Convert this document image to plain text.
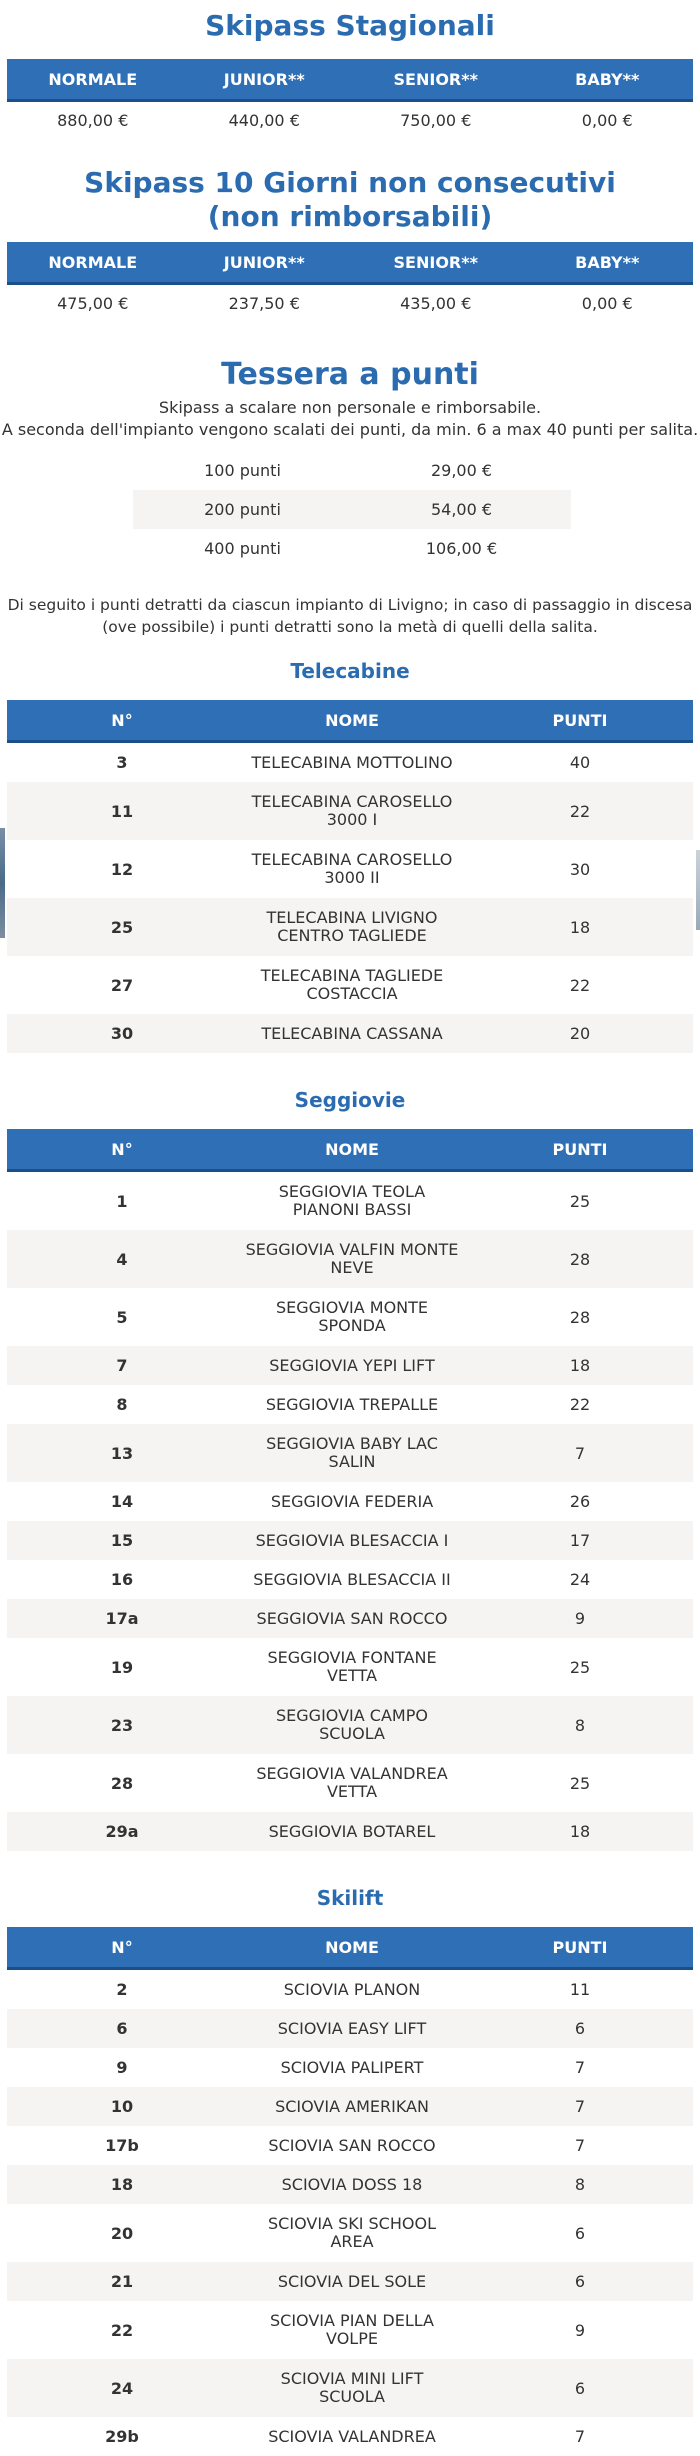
Skipass Stagionali
NORMALE	JUNIOR**	SENIOR**	BABY**
880,00 €	440,00 €	750,00 €	0,00 €
Skipass 10 Giorni non consecutivi (non rimborsabili)
NORMALE	JUNIOR**	SENIOR**	BABY**
475,00 €	237,50 €	435,00 €	0,00 €
Tessera a punti
Skipass a scalare non personale e rimborsabile.
A seconda dell'impianto vengono scalati dei punti, da min. 6 a max 40 punti per salita.
100 punti	29,00 €
200 punti	54,00 €
400 punti	106,00 €
Di seguito i punti detratti da ciascun impianto di Livigno; in caso di passaggio in discesa
(ove possibile) i punti detratti sono la metà di quelli della salita.
Telecabine
N°	NOME	PUNTI
3	TELECABINA MOTTOLINO	40
11	TELECABINA CAROSELLO
3000 I	22
12	TELECABINA CAROSELLO
3000 II	30
25	TELECABINA LIVIGNO
CENTRO TAGLIEDE	18
27	TELECABINA TAGLIEDE
COSTACCIA	22
30	TELECABINA CASSANA	20
Seggiovie
N°	NOME	PUNTI
1	SEGGIOVIA TEOLA
PIANONI BASSI	25
4	SEGGIOVIA VALFIN MONTE
NEVE	28
5	SEGGIOVIA MONTE
SPONDA	28
7	SEGGIOVIA YEPI LIFT	18
8	SEGGIOVIA TREPALLE	22
13	SEGGIOVIA BABY LAC
SALIN	7
14	SEGGIOVIA FEDERIA	26
15	SEGGIOVIA BLESACCIA I	17
16	SEGGIOVIA BLESACCIA II	24
17a	SEGGIOVIA SAN ROCCO	9
19	SEGGIOVIA FONTANE
VETTA	25
23	SEGGIOVIA CAMPO
SCUOLA	8
28	SEGGIOVIA VALANDREA
VETTA	25
29a	SEGGIOVIA BOTAREL	18
Skilift
N°	NOME	PUNTI
2	SCIOVIA PLANON	11
6	SCIOVIA EASY LIFT	6
9	SCIOVIA PALIPERT	7
10	SCIOVIA AMERIKAN	7
17b	SCIOVIA SAN ROCCO	7
18	SCIOVIA DOSS 18	8
20	SCIOVIA SKI SCHOOL
AREA	6
21	SCIOVIA DEL SOLE	6
22	SCIOVIA PIAN DELLA
VOLPE	9
24	SCIOVIA MINI LIFT
SCUOLA	6
29b	SCIOVIA VALANDREA	7
